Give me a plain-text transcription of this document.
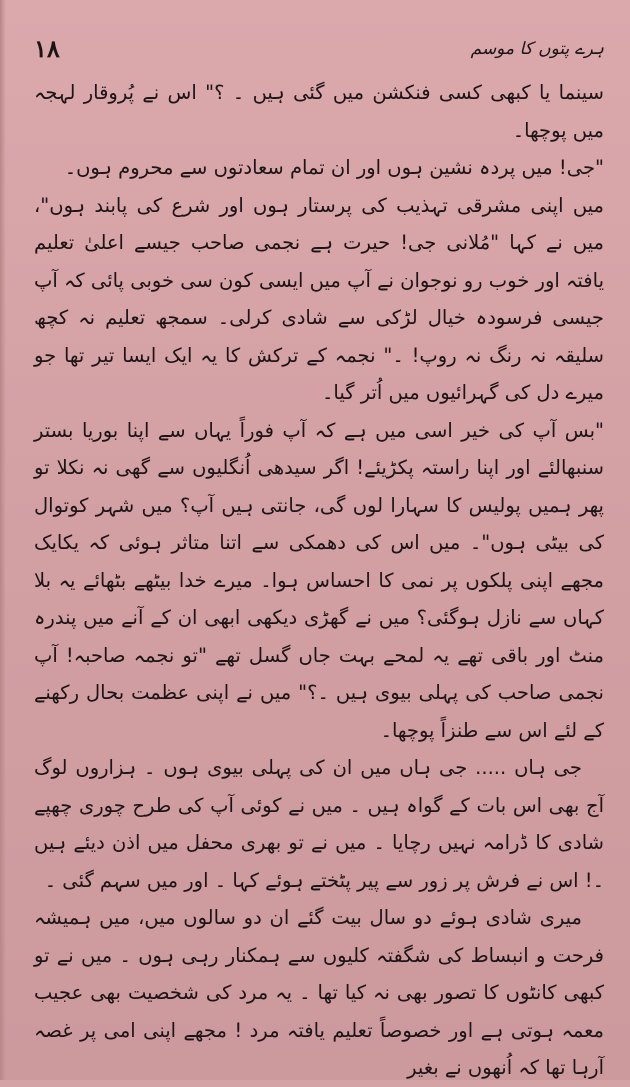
۱۸	ہرے پتوں کا موسم

سینما یا کبھی کسی فنکشن میں گئی ہیں ۔ ؟" اس نے پُروقار لہجہ میں پوچھا۔

"جی! میں پردہ نشین ہوں اور ان تمام سعادتوں سے محروم ہوں۔

میں اپنی مشرقی تہذیب کی پرستار ہوں اور شرع کی پابند ہوں"، میں نے کہا "مُلانی جی! حیرت ہے نجمی صاحب جیسے اعلیٰ تعلیم یافتہ اور خوب رو نوجوان نے آپ میں ایسی کون سی خوبی پائی کہ آپ جیسی فرسودہ خیال لڑکی سے شادی کرلی۔ سمجھ تعلیم نہ کچھ سلیقہ نہ رنگ نہ روپ! ۔" نجمہ کے ترکش کا یہ ایک ایسا تیر تھا جو میرے دل کی گہرائیوں میں اُتر گیا۔

"بس آپ کی خیر اسی میں ہے کہ آپ فوراً یہاں سے اپنا بوریا بستر سنبھالئے اور اپنا راستہ پکڑیئے! اگر سیدھی اُنگلیوں سے گھی نہ نکلا تو پھر ہمیں پولیس کا سہارا لوں گی، جانتی ہیں آپ؟ میں شہر کوتوال کی بیٹی ہوں"۔ میں اس کی دھمکی سے اتنا متاثر ہوئی کہ یکایک مجھے اپنی پلکوں پر نمی کا احساس ہوا۔ میرے خدا بیٹھے بٹھائے یہ بلا کہاں سے نازل ہوگئی؟ میں نے گھڑی دیکھی ابھی ان کے آنے میں پندرہ منٹ اور باقی تھے یہ لمحے بہت جاں گسل تھے "تو نجمہ صاحبہ! آپ نجمی صاحب کی پہلی بیوی ہیں ۔؟" میں نے اپنی عظمت بحال رکھنے کے لئے اس سے طنزاً پوچھا۔

جی ہاں ..... جی ہاں میں ان کی پہلی بیوی ہوں ۔ ہزاروں لوگ آج بھی اس بات کے گواہ ہیں ۔ میں نے کوئی آپ کی طرح چوری چھپے شادی کا ڈرامہ نہیں رچایا ۔ میں نے تو بھری محفل میں اذن دیئے ہیں ۔! اس نے فرش پر زور سے پیر پٹختے ہوئے کہا ۔ اور میں سہم گئی ۔

میری شادی ہوئے دو سال بیت گئے ان دو سالوں میں، میں ہمیشہ فرحت و انبساط کی شگفتہ کلیوں سے ہمکنار رہی ہوں ۔ میں نے تو کبھی کانٹوں کا تصور بھی نہ کیا تھا ۔ یہ مرد کی شخصیت بھی عجیب معمہ ہوتی ہے اور خصوصاً تعلیم یافتہ مرد ! مجھے اپنی امی پر غصہ آرہا تھا کہ اُنھوں نے بغیر
